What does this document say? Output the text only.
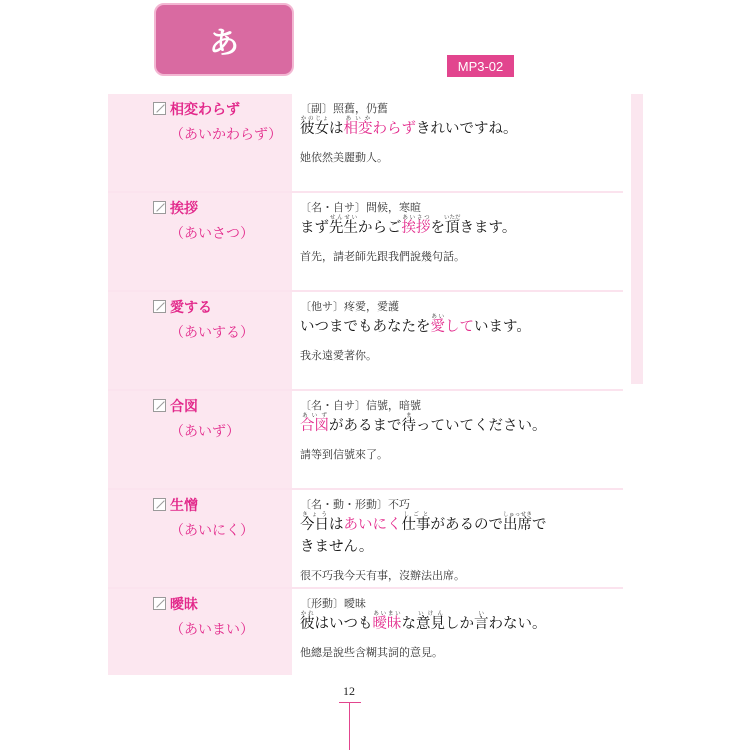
あ
MP3-02
相変わらず
（あいかわらず）
〔副〕照舊，仍舊
彼女かのじょは相変あいかわらずきれいですね。
她依然美麗動人。
挨拶
（あいさつ）
〔名・自サ〕問候，寒暄
まず先生せんせいからご挨拶あいさつを頂いただきます。
首先，請老師先跟我們說幾句話。
愛する
（あいする）
〔他サ〕疼愛，愛護
いつまでもあなたを愛あいしています。
我永遠愛著你。
合図
（あいず）
〔名・自サ〕信號，暗號
合図あいずがあるまで待まっていてください。
請等到信號來了。
生憎
（あいにく）
〔名・動・形動〕不巧
今日きょうはあいにく仕事しごとがあるので出席しゅっせきできません。
很不巧我今天有事，沒辦法出席。
曖昧
（あいまい）
〔形動〕曖昧
彼かれはいつも曖昧あいまいな意見いけんしか言いわない。
他總是說些含糊其詞的意見。
12
